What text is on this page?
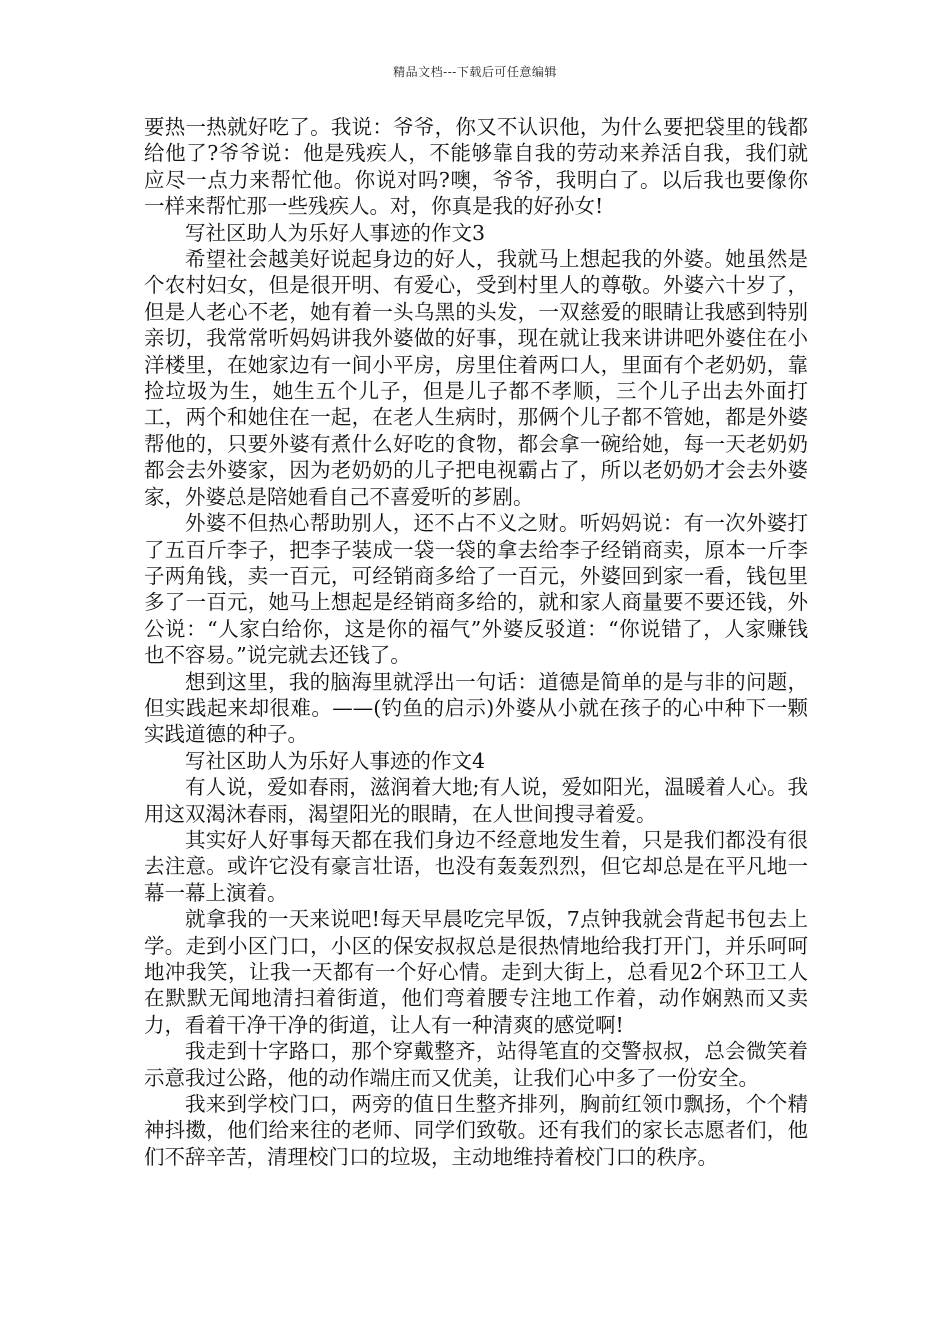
精品文档---下载后可任意编辑

要热一热就好吃了。我说：爷爷，你又不认识他，为什么要把袋里的钱都给他了?爷爷说：他是残疾人，不能够靠自我的劳动来养活自我，我们就应尽一点力来帮忙他。你说对吗?噢，爷爷，我明白了。以后我也要像你一样来帮忙那一些残疾人。对，你真是我的好孙女!

写社区助人为乐好人事迹的作文3

希望社会越美好说起身边的好人，我就马上想起我的外婆。她虽然是个农村妇女，但是很开明、有爱心，受到村里人的尊敬。外婆六十岁了，但是人老心不老，她有着一头乌黑的头发，一双慈爱的眼睛让我感到特别亲切，我常常听妈妈讲我外婆做的好事，现在就让我来讲讲吧外婆住在小洋楼里，在她家边有一间小平房，房里住着两口人，里面有个老奶奶，靠捡垃圾为生，她生五个儿子，但是儿子都不孝顺，三个儿子出去外面打工，两个和她住在一起，在老人生病时，那俩个儿子都不管她，都是外婆帮他的，只要外婆有煮什么好吃的食物，都会拿一碗给她，每一天老奶奶都会去外婆家，因为老奶奶的儿子把电视霸占了，所以老奶奶才会去外婆家，外婆总是陪她看自己不喜爱听的芗剧。

外婆不但热心帮助别人，还不占不义之财。听妈妈说：有一次外婆打了五百斤李子，把李子装成一袋一袋的拿去给李子经销商卖，原本一斤李子两角钱，卖一百元，可经销商多给了一百元，外婆回到家一看，钱包里多了一百元，她马上想起是经销商多给的，就和家人商量要不要还钱，外公说：“人家白给你，这是你的福气”外婆反驳道：“你说错了，人家赚钱也不容易。”说完就去还钱了。

想到这里，我的脑海里就浮出一句话：道德是简单的是与非的问题，但实践起来却很难。——(钓鱼的启示)外婆从小就在孩子的心中种下一颗实践道德的种子。

写社区助人为乐好人事迹的作文4

有人说，爱如春雨，滋润着大地;有人说，爱如阳光，温暖着人心。我用这双渴沐春雨，渴望阳光的眼睛，在人世间搜寻着爱。

其实好人好事每天都在我们身边不经意地发生着，只是我们都没有很去注意。或许它没有豪言壮语，也没有轰轰烈烈，但它却总是在平凡地一幕一幕上演着。

就拿我的一天来说吧!每天早晨吃完早饭，7点钟我就会背起书包去上学。走到小区门口，小区的保安叔叔总是很热情地给我打开门，并乐呵呵地冲我笑，让我一天都有一个好心情。走到大街上，总看见2个环卫工人在默默无闻地清扫着街道，他们弯着腰专注地工作着，动作娴熟而又卖力，看着干净干净的街道，让人有一种清爽的感觉啊!

我走到十字路口，那个穿戴整齐，站得笔直的交警叔叔，总会微笑着示意我过公路，他的动作端庄而又优美，让我们心中多了一份安全。

我来到学校门口，两旁的值日生整齐排列，胸前红领巾飘扬，个个精神抖擞，他们给来往的老师、同学们致敬。还有我们的家长志愿者们，他们不辞辛苦，清理校门口的垃圾，主动地维持着校门口的秩序。
